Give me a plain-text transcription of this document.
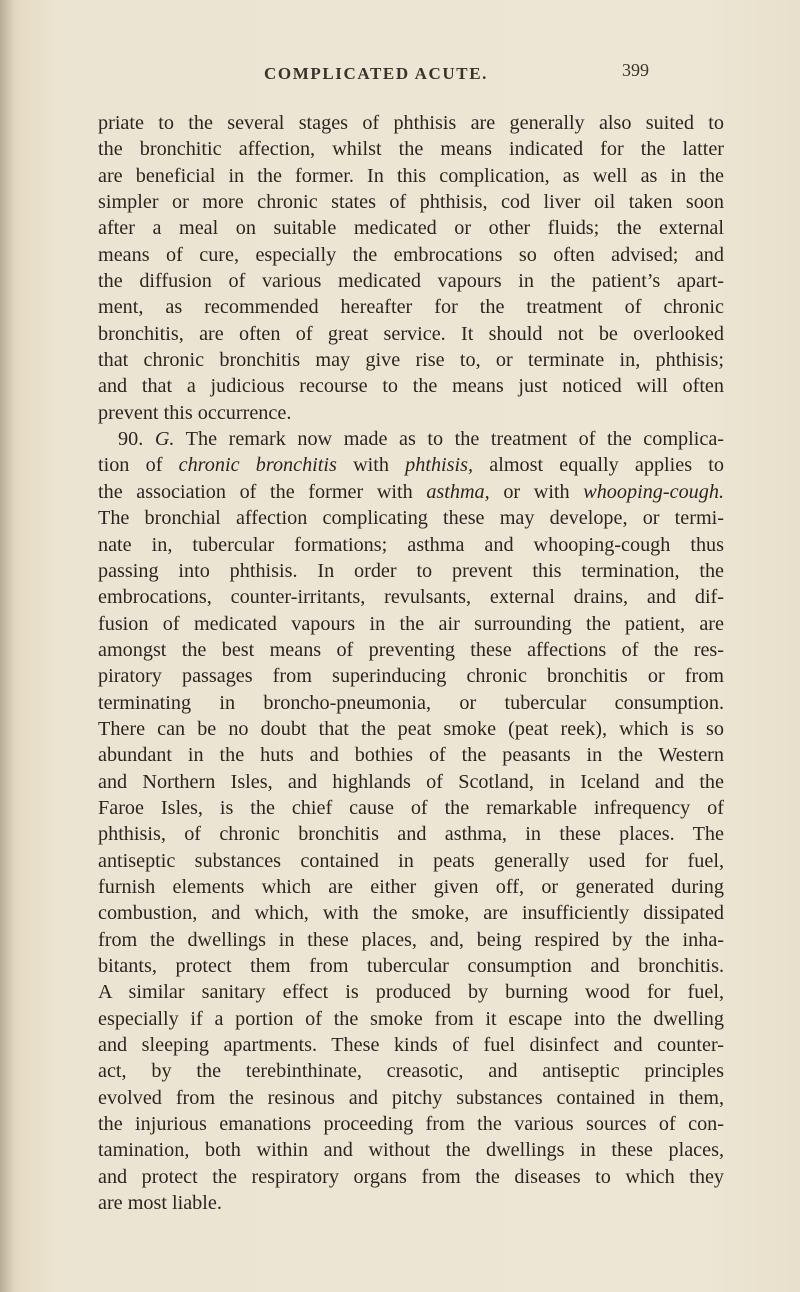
COMPLICATED ACUTE.	399
priate to the several stages of phthisis are generally also suited to
the bronchitic affection, whilst the means indicated for the latter
are beneficial in the former. In this complication, as well as in the
simpler or more chronic states of phthisis, cod liver oil taken soon
after a meal on suitable medicated or other fluids; the external
means of cure, especially the embrocations so often advised; and
the diffusion of various medicated vapours in the patient’s apart-
ment, as recommended hereafter for the treatment of chronic
bronchitis, are often of great service. It should not be overlooked
that chronic bronchitis may give rise to, or terminate in, phthisis;
and that a judicious recourse to the means just noticed will often
prevent this occurrence.
90. G. The remark now made as to the treatment of the complica-
tion of chronic bronchitis with phthisis, almost equally applies to
the association of the former with asthma, or with whooping-cough.
The bronchial affection complicating these may develope, or termi-
nate in, tubercular formations; asthma and whooping-cough thus
passing into phthisis. In order to prevent this termination, the
embrocations, counter-irritants, revulsants, external drains, and dif-
fusion of medicated vapours in the air surrounding the patient, are
amongst the best means of preventing these affections of the res-
piratory passages from superinducing chronic bronchitis or from
terminating in broncho-pneumonia, or tubercular consumption.
There can be no doubt that the peat smoke (peat reek), which is so
abundant in the huts and bothies of the peasants in the Western
and Northern Isles, and highlands of Scotland, in Iceland and the
Faroe Isles, is the chief cause of the remarkable infrequency of
phthisis, of chronic bronchitis and asthma, in these places. The
antiseptic substances contained in peats generally used for fuel,
furnish elements which are either given off, or generated during
combustion, and which, with the smoke, are insufficiently dissipated
from the dwellings in these places, and, being respired by the inha-
bitants, protect them from tubercular consumption and bronchitis.
A similar sanitary effect is produced by burning wood for fuel,
especially if a portion of the smoke from it escape into the dwelling
and sleeping apartments. These kinds of fuel disinfect and counter-
act, by the terebinthinate, creasotic, and antiseptic principles
evolved from the resinous and pitchy substances contained in them,
the injurious emanations proceeding from the various sources of con-
tamination, both within and without the dwellings in these places,
and protect the respiratory organs from the diseases to which they
are most liable.
